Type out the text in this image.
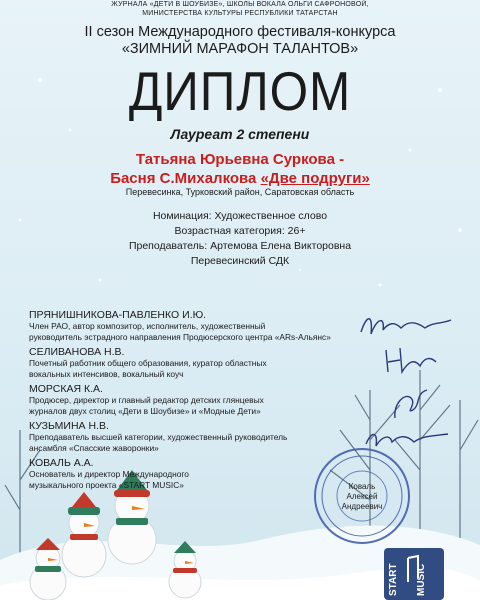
ЖУРНАЛА «ДЕТИ В ШОУБИЗЕ», ШКОЛЫ ВОКАЛА ОЛЬГИ САФРОНОВОЙ,
МИНИСТЕРСТВА КУЛЬТУРЫ РЕСПУБЛИКИ ТАТАРСТАН
II сезон Международного фестиваля-конкурса
«ЗИМНИЙ МАРАФОН ТАЛАНТОВ»
ДИПЛОМ
Лауреат 2 степени
Татьяна Юрьевна Суркова -
Басня С.Михалкова «Две подруги»
Перевесинка, Турковский район, Саратовская область
Номинация: Художественное слово
Возрастная категория: 26+
Преподаватель: Артемова Елена Викторовна
Перевесинский СДК
ПРЯНИШНИКОВА-ПАВЛЕНКО И.Ю.
Член РАО, автор композитор, исполнитель, художественный
руководитель эстрадного направления Продюсерского центра «ARs-Альянс»
СЕЛИВАНОВА Н.В.
Почетный работник общего образования, куратор областных
вокальных интенсивов, вокальный коуч
МОРСКАЯ К.А.
Продюсер, директор и главный редактор детских глянцевых
журналов двух столиц «Дети в Шоубизе» и «Модные Дети»
КУЗЬМИНА Н.В.
Преподаватель высшей категории, художественный руководитель
ансамбля «Спасские жаворонки»
КОВАЛЬ А.А.
Основатель и директор Международного
музыкального проекта «START MUSIC»	Коваль
Алексей
Андреевич
START MUSIC
